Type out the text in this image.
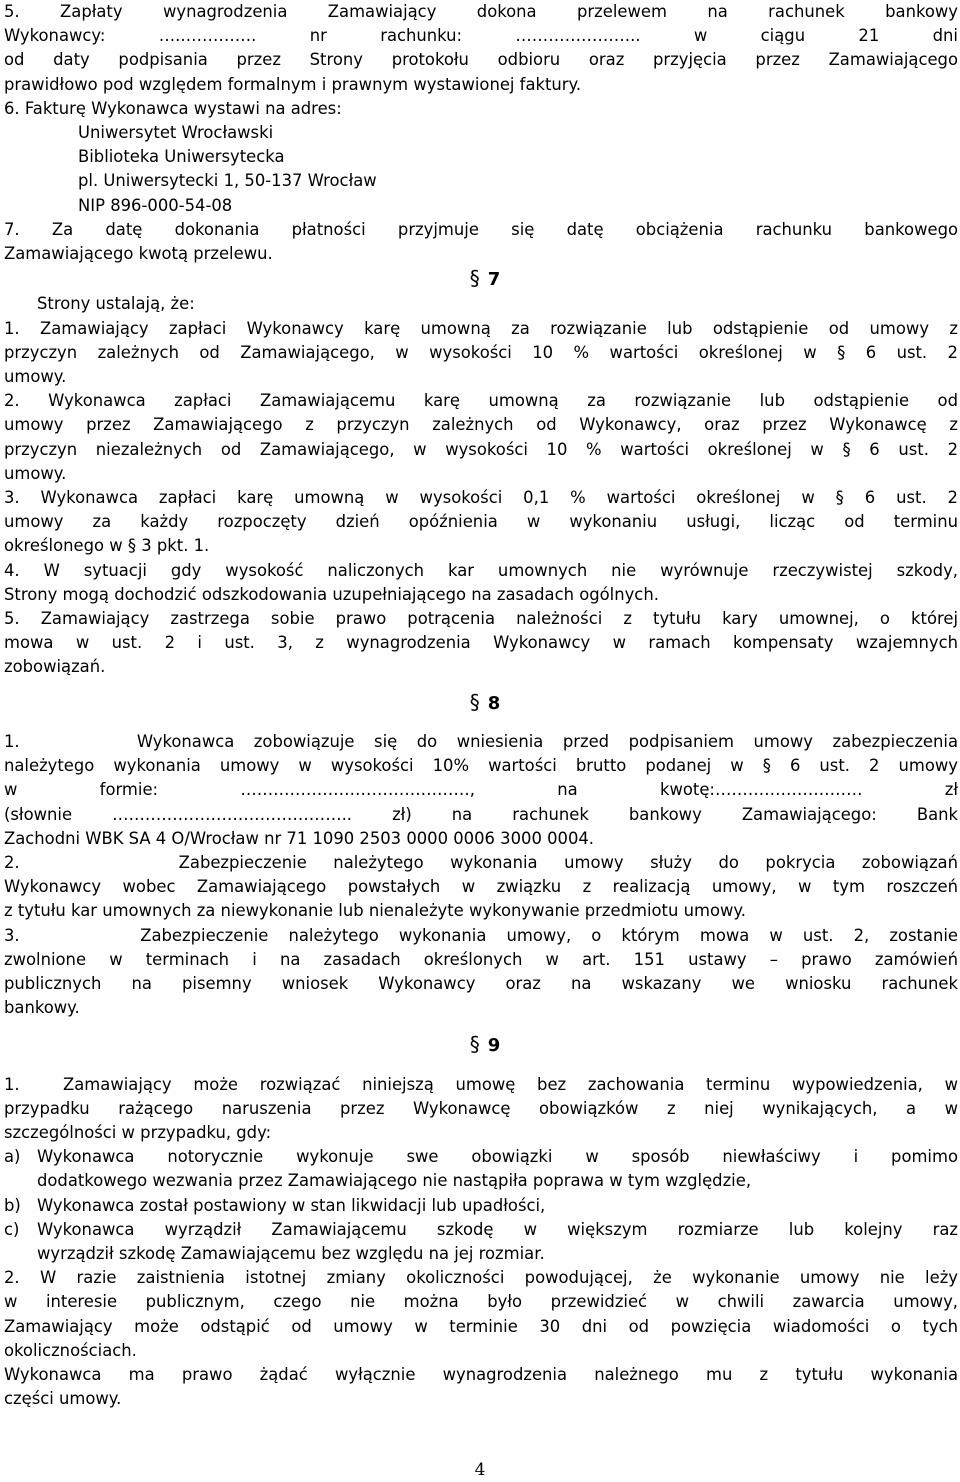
5. Zapłaty wynagrodzenia Zamawiający dokona przelewem na rachunek bankowy

Wykonawcy: …..…………. nr rachunku: ………………….. w ciągu 21 dni

od daty podpisania przez Strony protokołu odbioru oraz przyjęcia przez Zamawiającego

prawidłowo pod względem formalnym i prawnym wystawionej faktury.

6. Fakturę Wykonawca wystawi na adres:

Uniwersytet Wrocławski

Biblioteka Uniwersytecka

pl. Uniwersytecki 1, 50-137 Wrocław

NIP 896-000-54-08

7. Za datę dokonania płatności przyjmuje się datę obciążenia rachunku bankowego

Zamawiającego kwotą przelewu.

§ 7

Strony ustalają, że:

1. Zamawiający zapłaci Wykonawcy karę umowną za rozwiązanie lub odstąpienie od umowy z

przyczyn zależnych od Zamawiającego, w wysokości 10 % wartości określonej w § 6 ust. 2

umowy.

2. Wykonawca zapłaci Zamawiającemu karę umowną za rozwiązanie lub odstąpienie od

umowy przez Zamawiającego z przyczyn zależnych od Wykonawcy, oraz przez Wykonawcę z

przyczyn niezależnych od Zamawiającego, w wysokości 10 % wartości określonej w § 6 ust. 2

umowy.

3. Wykonawca zapłaci karę umowną w wysokości 0,1 % wartości określonej w § 6 ust. 2

umowy za każdy rozpoczęty dzień opóźnienia w wykonaniu usługi, licząc od terminu

określonego w § 3 pkt. 1.

4. W sytuacji gdy wysokość naliczonych kar umownych nie wyrównuje rzeczywistej szkody,

Strony mogą dochodzić odszkodowania uzupełniającego na zasadach ogólnych.

5. Zamawiający zastrzega sobie prawo potrącenia należności z tytułu kary umownej, o której

mowa w ust. 2 i ust. 3, z wynagrodzenia Wykonawcy w ramach kompensaty wzajemnych

zobowiązań.

§ 8

1.      Wykonawca zobowiązuje się do wniesienia przed podpisaniem umowy zabezpieczenia

należytego wykonania umowy w wysokości 10% wartości brutto podanej w § 6 ust. 2 umowy

w formie: ……………………………………, na kwotę:……………………… zł

(słownie …………………………………….. zł) na rachunek bankowy Zamawiającego: Bank

Zachodni WBK SA 4 O/Wrocław nr 71 1090 2503 0000 0006 3000 0004.

2.      Zabezpieczenie należytego wykonania umowy służy do pokrycia zobowiązań

Wykonawcy wobec Zamawiającego powstałych w związku z realizacją umowy, w tym roszczeń

z tytułu kar umownych za niewykonanie lub nienależyte wykonywanie przedmiotu umowy.

3.      Zabezpieczenie należytego wykonania umowy, o którym mowa w ust. 2, zostanie

zwolnione w terminach i na zasadach określonych w art. 151 ustawy – prawo zamówień

publicznych na pisemny wniosek Wykonawcy oraz na wskazany we wniosku rachunek

bankowy.

§ 9

1.  Zamawiający może rozwiązać niniejszą umowę bez zachowania terminu wypowiedzenia, w

przypadku rażącego naruszenia przez Wykonawcę obowiązków z niej wynikających, a w

szczególności w przypadku, gdy:

a)	Wykonawca notorycznie wykonuje swe obowiązki w sposób niewłaściwy i pomimo

dodatkowego wezwania przez Zamawiającego nie nastąpiła poprawa w tym względzie,

b) Wykonawca został postawiony w stan likwidacji lub upadłości,

c)	Wykonawca wyrządził Zamawiającemu szkodę w większym rozmiarze lub kolejny raz

wyrządził szkodę Zamawiającemu bez względu na jej rozmiar.

2. W razie zaistnienia istotnej zmiany okoliczności powodującej, że wykonanie umowy nie leży

w interesie publicznym, czego nie można było przewidzieć w chwili zawarcia umowy,

Zamawiający może odstąpić od umowy w terminie 30 dni od powzięcia wiadomości o tych

okolicznościach.

Wykonawca ma prawo żądać wyłącznie wynagrodzenia należnego mu z tytułu wykonania

części umowy.

4
